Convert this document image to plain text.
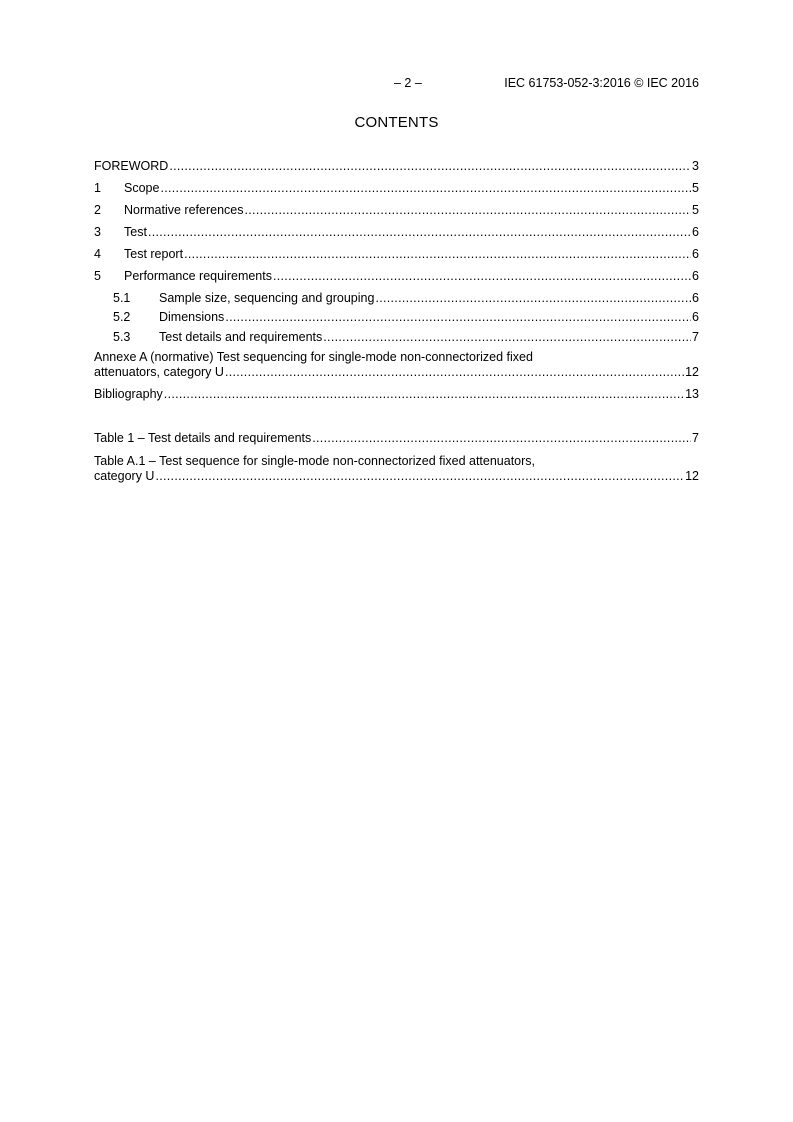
– 2 –	IEC 61753-052-3:2016 © IEC 2016
CONTENTS
FOREWORD .....	3
1	Scope .....	5
2	Normative references .....	5
3	Test .....	6
4	Test report .....	6
5	Performance requirements .....	6
5.1	Sample size, sequencing and grouping .....	6
5.2	Dimensions .....	6
5.3	Test details and requirements .....	7
Annexe A (normative) Test sequencing for single-mode non-connectorized fixed
attenuators, category U .....	12
Bibliography .....	13
Table 1 – Test details and requirements .....	7
Table A.1 – Test sequence for single-mode non-connectorized fixed attenuators,
category U .....	12
